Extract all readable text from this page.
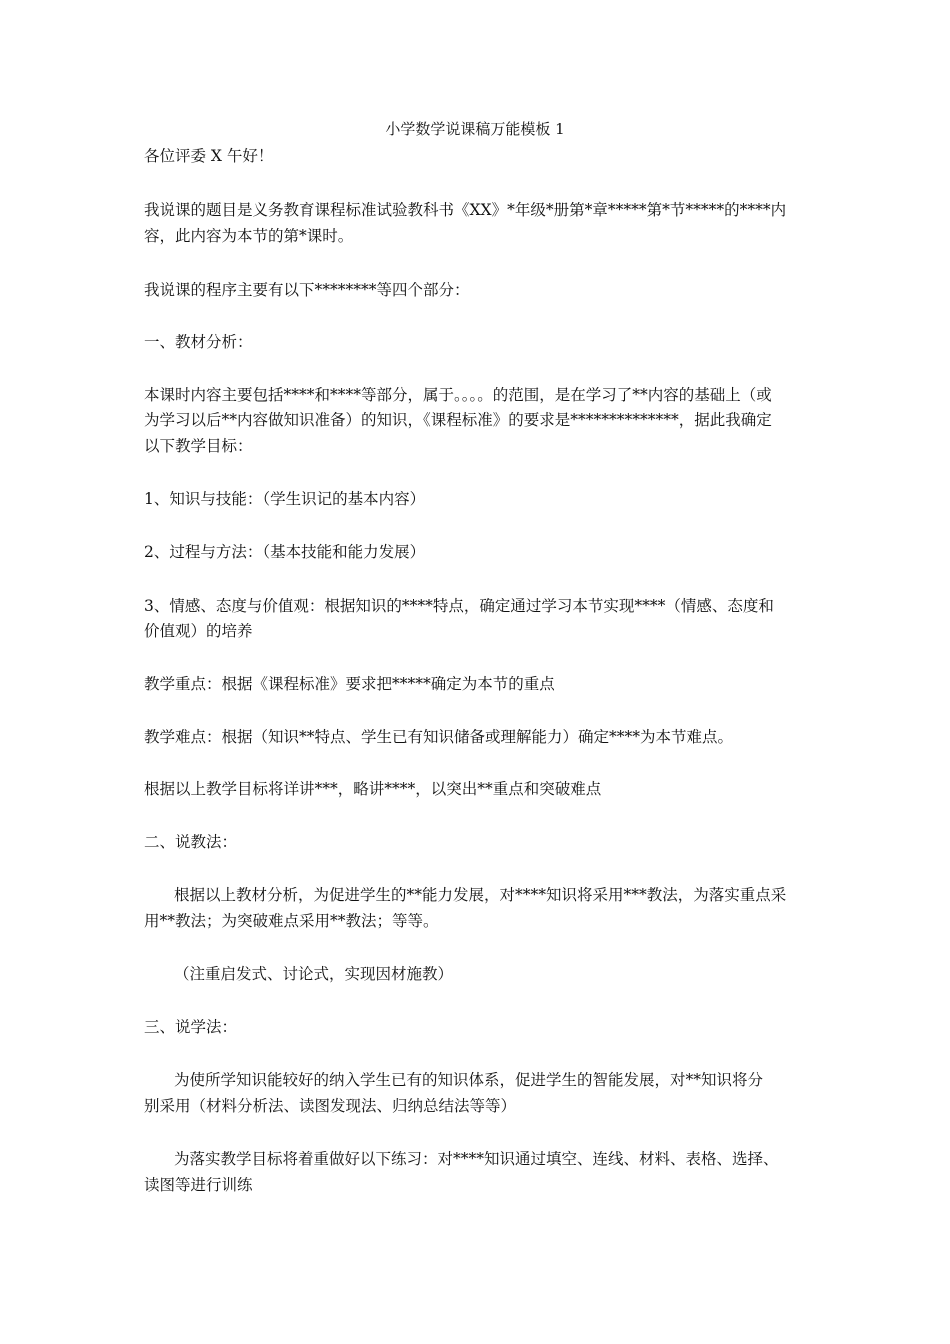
小学数学说课稿万能模板 1
各位评委 X 午好！
我说课的题目是义务教育课程标准试验教科书《XX》*年级*册第*章*****第*节*****的****内
容，此内容为本节的第*课时。
我说课的程序主要有以下********等四个部分：
一、教材分析：
本课时内容主要包括****和****等部分，属于。。。。的范围，是在学习了**内容的基础上（或
为学习以后**内容做知识准备）的知识，《课程标准》的要求是**************，据此我确定
以下教学目标：
1、知识与技能：（学生识记的基本内容）
2、过程与方法：（基本技能和能力发展）
3、情感、态度与价值观：根据知识的****特点，确定通过学习本节实现****（情感、态度和
价值观）的培养
教学重点：根据《课程标准》要求把*****确定为本节的重点
教学难点：根据（知识**特点、学生已有知识储备或理解能力）确定****为本节难点。
根据以上教学目标将详讲***，略讲****，以突出**重点和突破难点
二、说教法：
根据以上教材分析，为促进学生的**能力发展，对****知识将采用***教法，为落实重点采
用**教法；为突破难点采用**教法；等等。
（注重启发式、讨论式，实现因材施教）
三、说学法：
为使所学知识能较好的纳入学生已有的知识体系，促进学生的智能发展，对**知识将分
别采用（材料分析法、读图发现法、归纳总结法等等）
为落实教学目标将着重做好以下练习：对****知识通过填空、连线、材料、表格、选择、
读图等进行训练
